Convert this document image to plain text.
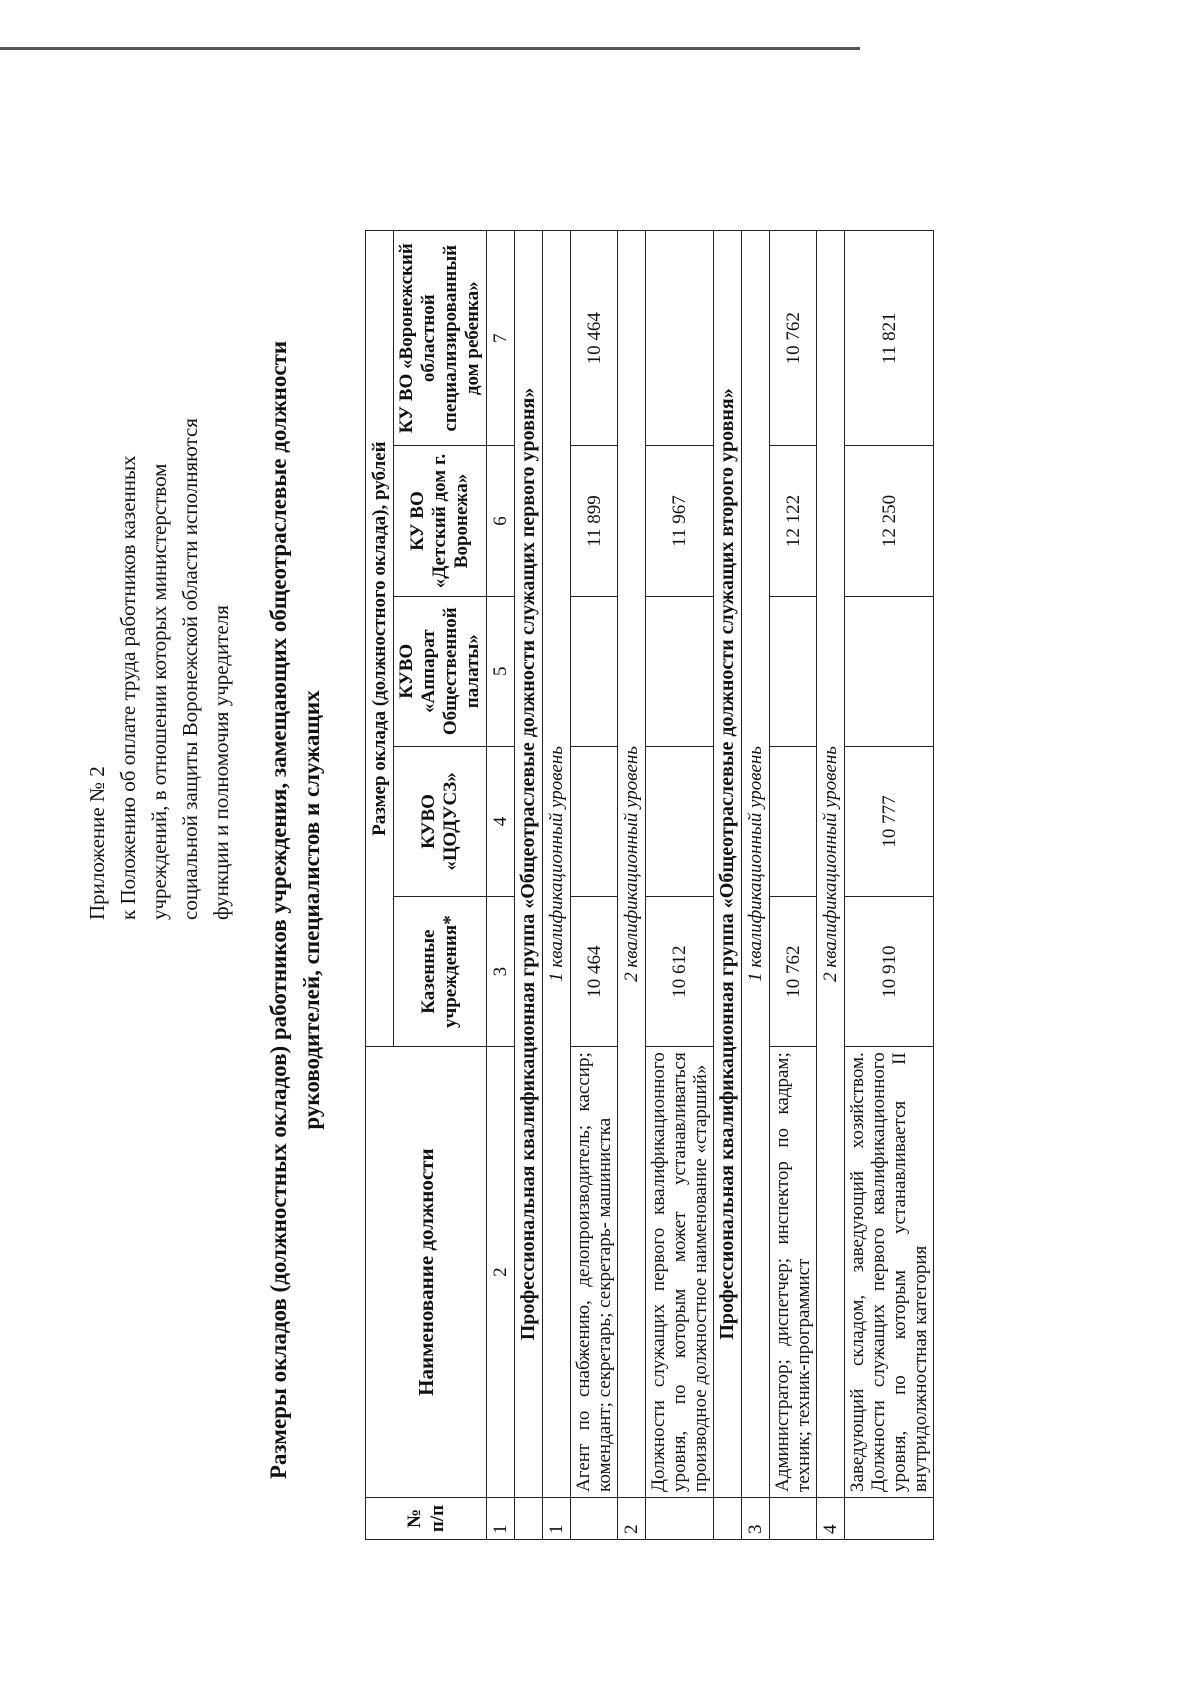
Приложение № 2 к Положению об оплате труда работников казенных учреждений, в отношении которых министерством социальной защиты Воронежской области исполняются функции и полномочия учредителя Размеры окладов (должностных окладов) работников учреждения, замещающих общеотраслевые должности руководителей, специалистов и служащих
№ п/п	Наименование должности	Размер оклада (должностного оклада), рублей				
		Казенные учреждения*	КУВО «ЦОДУСЗ»	КУВО «Аппарат Общественной палаты»	КУ ВО «Детский дом г. Воронежа»	КУ ВО «Воронежский областной специализированный дом ребенка»
1	2	3	4	5	6	7
	Профессиональная квалификационная группа «Общеотраслевые должности служащих первого уровня»					
1	1 квалификационный уровень					
	Агент по снабжению, делопроизводитель; кассир; комендант; секретарь; секретарь- машинистка	10 464			11 899	10 464
2	2 квалификационный уровень					
	Должности служащих первого квалификационного уровня, по которым может устанавливаться производное должностное наименование «старший»	10 612			11 967	
	Профессиональная квалификационная группа «Общеотраслевые должности служащих второго уровня»					
3	1 квалификационный уровень					
	Администратор; диспетчер; инспектор по кадрам; техник; техник-программист	10 762			12 122	10 762
4	2 квалификационный уровень					
	Заведующий складом, заведующий хозяйством. Должности служащих первого квалификационного уровня, по которым устанавливается II внутридолжностная категория	10 910	10 777		12 250	11 821
